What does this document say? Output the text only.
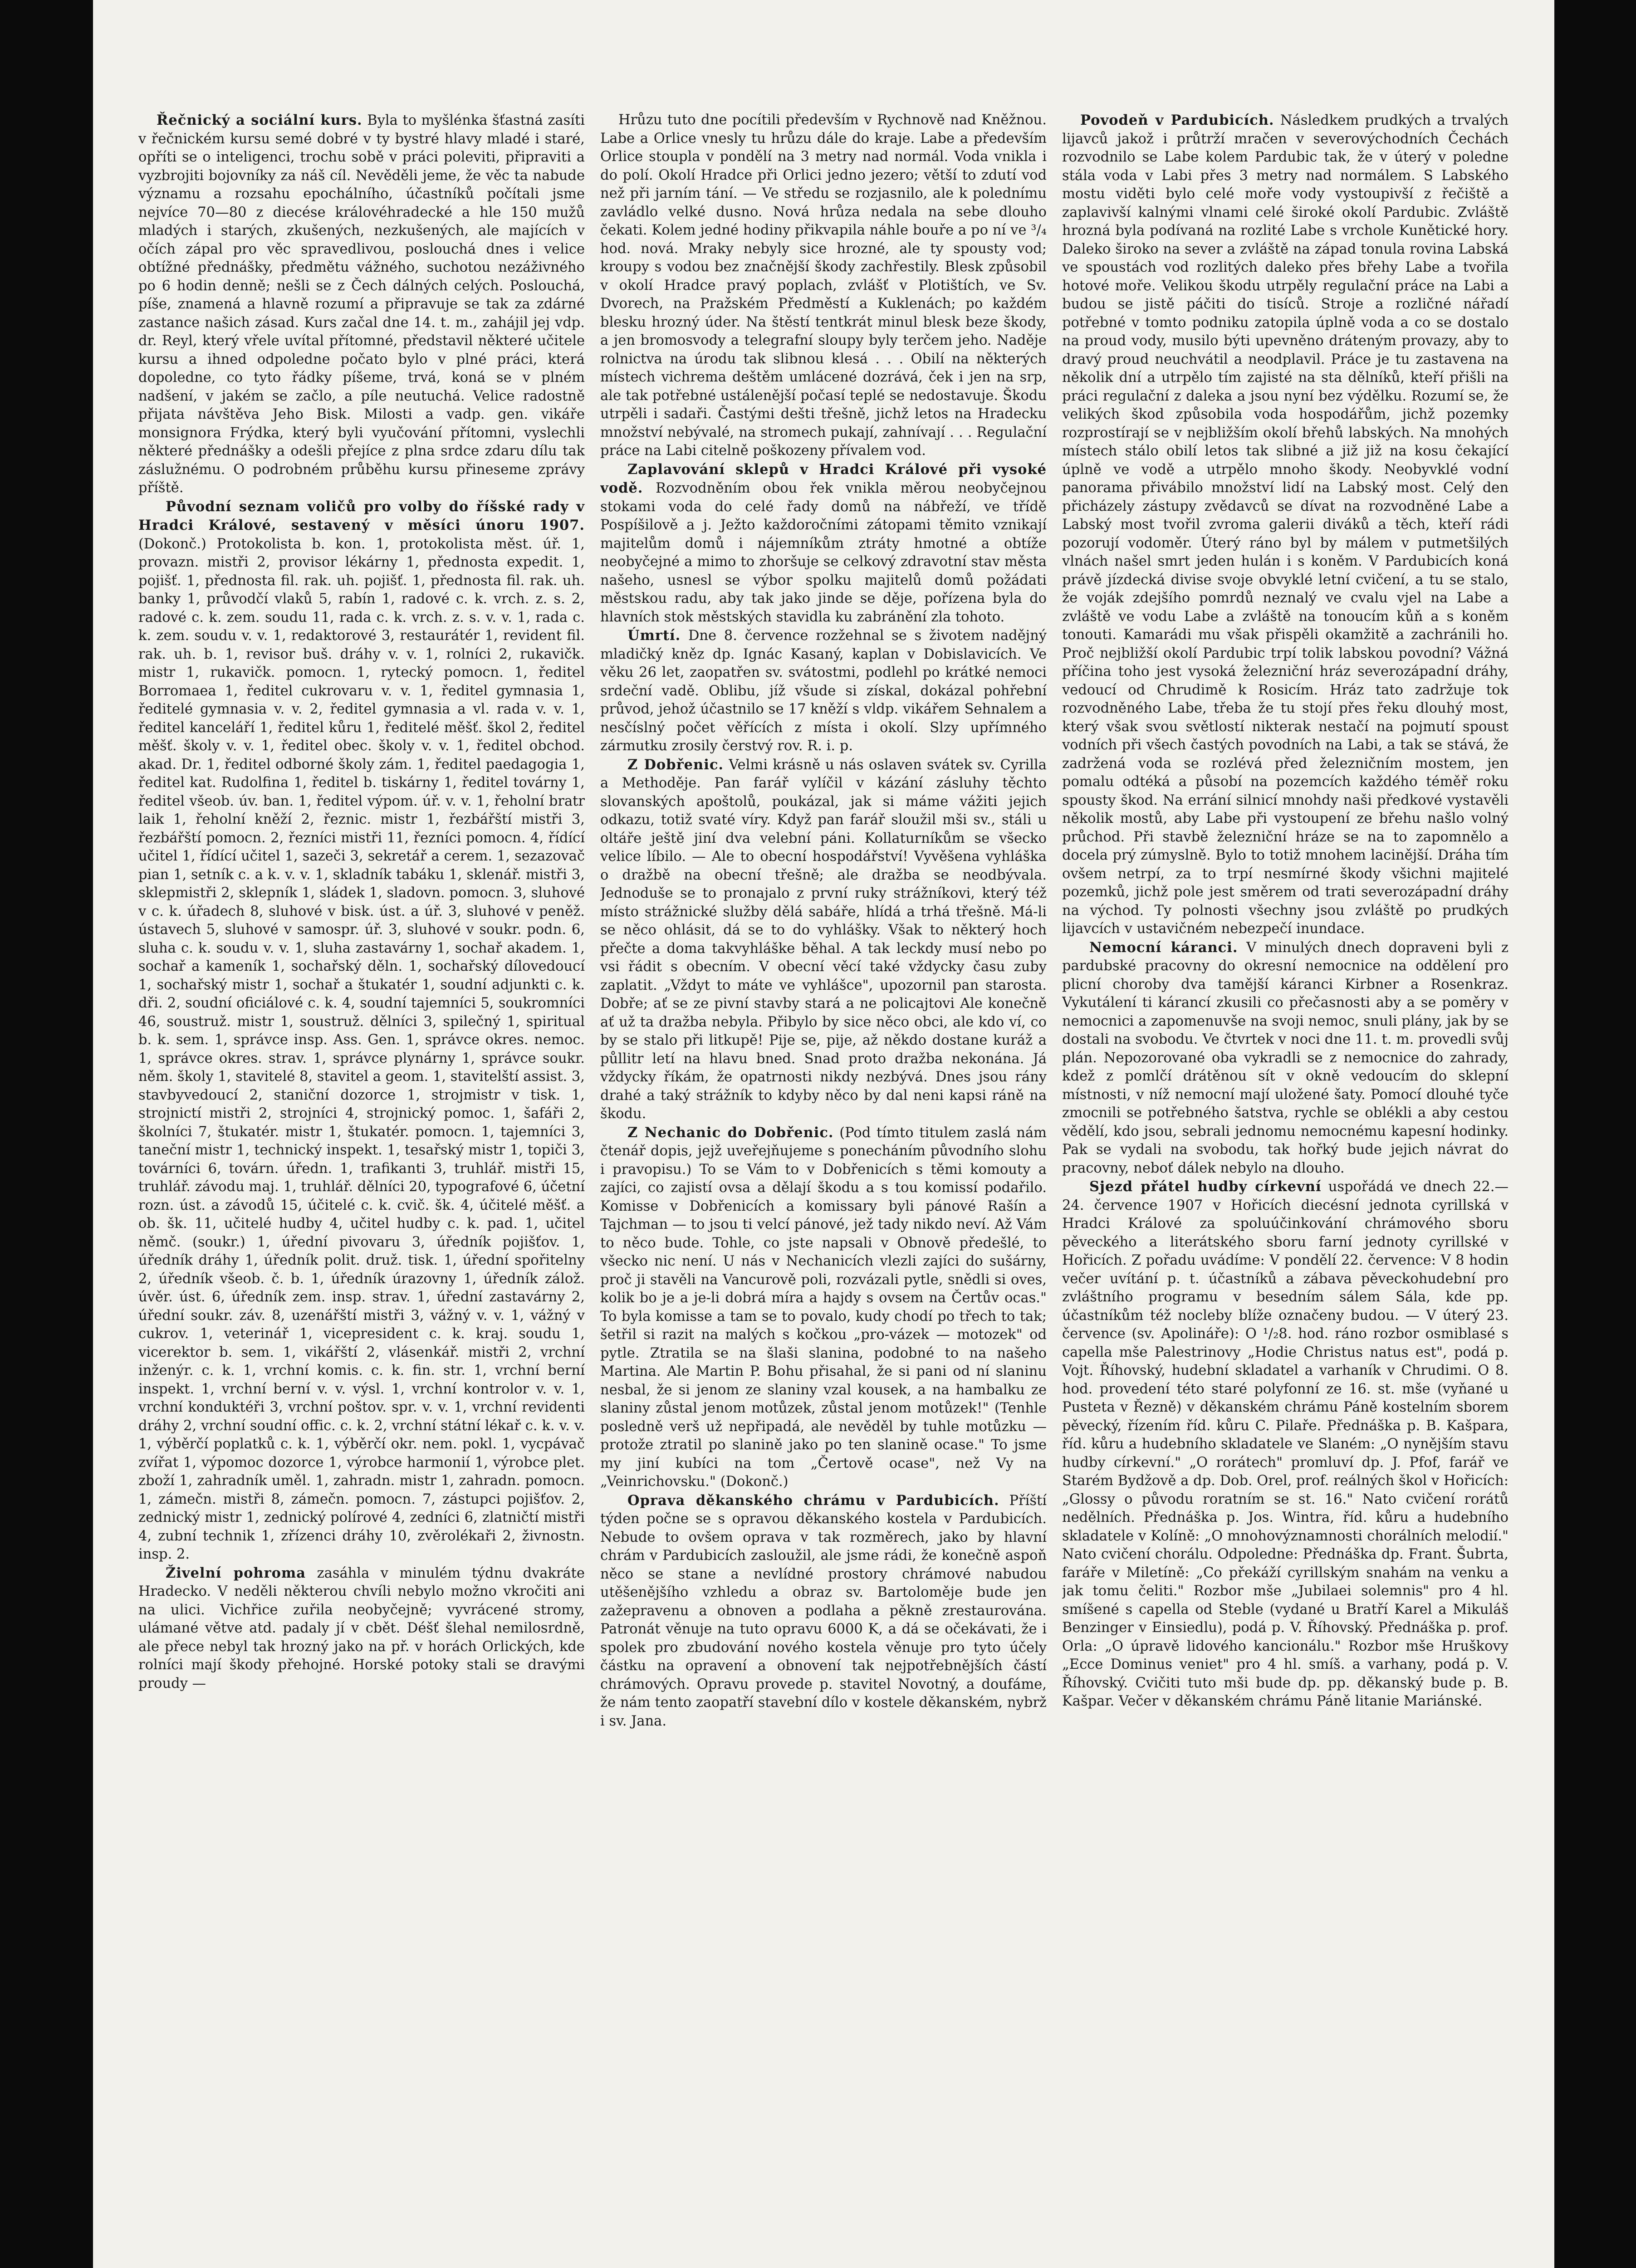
Řečnický a sociální kurs. Byla to myšlénka šťastná zasíti v řečnickém kursu semé dobré v ty bystré hlavy mladé i staré, opříti se o inteligenci, trochu sobě v práci poleviti, připraviti a vyzbrojiti bojovníky za náš cíl. Nevěděli jeme, že věc ta nabude významu a rozsahu epochálního, účastníků počítali jsme nejvíce 70—80 z diecése královéhradecké a hle 150 mužů mladých i starých, zkušených, nezkušených, ale majících v očích zápal pro věc spravedlivou, poslouchá dnes i velice obtížné přednášky, předmětu vážného, suchotou nezáživného po 6 hodin denně; nešli se z Čech dálných celých. Poslouchá, píše, znamená a hlavně rozumí a připravuje se tak za zdárné zastance našich zásad. Kurs začal dne 14. t. m., zahájil jej vdp. dr. Reyl, který vřele uvítal přítomné, představil některé učitele kursu a ihned odpoledne počato bylo v plné práci, která dopoledne, co tyto řádky píšeme, trvá, koná se v plném nadšení, v jakém se začlo, a píle neutuchá. Velice radostně přijata návštěva Jeho Bisk. Milosti a vadp. gen. vikáře monsignora Frýdka, který byli vyučování přítomni, vyslechli některé přednášky a odešli přejíce z plna srdce zdaru dílu tak záslužnému. O podrobném průběhu kursu přineseme zprávy příště.

Původní seznam voličů pro volby do říšské rady v Hradci Králové, sestavený v měsíci únoru 1907. (Dokonč.) Protokolista b. kon. 1, protokolista měst. úř. 1, provazn. mistři 2, provisor lékárny 1, přednosta expedit. 1, pojišť. 1, přednosta fil. rak. uh. pojišť. 1, přednosta fil. rak. uh. banky 1, průvodčí vlaků 5, rabín 1, radové c. k. vrch. z. s. 2, radové c. k. zem. soudu 11, rada c. k. vrch. z. s. v. v. 1, rada c. k. zem. soudu v. v. 1, redaktorové 3, restaurátér 1, revident fil. rak. uh. b. 1, revisor buš. dráhy v. v. 1, rolníci 2, rukavičk. mistr 1, rukavičk. pomocn. 1, rytecký pomocn. 1, ředitel Borromaea 1, ředitel cukrovaru v. v. 1, ředitel gymnasia 1, ředitelé gymnasia v. v. 2, ředitel gymnasia a vl. rada v. v. 1, ředitel kanceláří 1, ředitel kůru 1, ředitelé měšť. škol 2, ředitel měšť. školy v. v. 1, ředitel obec. školy v. v. 1, ředitel obchod. akad. Dr. 1, ředitel odborné školy zám. 1, ředitel paedagogia 1, ředitel kat. Rudolfina 1, ředitel b. tiskárny 1, ředitel továrny 1, ředitel všeob. úv. ban. 1, ředitel výpom. úř. v. v. 1, řeholní bratr laik 1, řeholní kněží 2, řeznic. mistr 1, řezbářští mistři 3, řezbářští pomocn. 2, řezníci mistři 11, řezníci pomocn. 4, řídící učitel 1, řídící učitel 1, sazeči 3, sekretář a cerem. 1, sezazovač pian 1, setník c. a k. v. v. 1, skladník tabáku 1, sklenář. mistři 3, sklepmistři 2, sklepník 1, sládek 1, sladovn. pomocn. 3, sluhové v c. k. úřadech 8, sluhové v bisk. úst. a úř. 3, sluhové v peněž. ústavech 5, sluhové v samospr. úř. 3, sluhové v soukr. podn. 6, sluha c. k. soudu v. v. 1, sluha zastavárny 1, sochař akadem. 1, sochař a kameník 1, sochařský děln. 1, sochařský dílovedoucí 1, sochařský mistr 1, sochař a štukatér 1, soudní adjunkti c. k. dři. 2, soudní oficiálové c. k. 4, soudní tajemníci 5, soukromníci 46, soustruž. mistr 1, soustruž. dělníci 3, spilečný 1, spiritual b. k. sem. 1, správce insp. Ass. Gen. 1, správce okres. nemoc. 1, správce okres. strav. 1, správce plynárny 1, správce soukr. něm. školy 1, stavitelé 8, stavitel a geom. 1, stavitelští assist. 3, stavbyvedoucí 2, staniční dozorce 1, strojmistr v tisk. 1, strojnictí mistři 2, strojníci 4, strojnický pomoc. 1, šafáři 2, školníci 7, štukatér. mistr 1, štukatér. pomocn. 1, tajemníci 3, taneční mistr 1, technický inspekt. 1, tesařský mistr 1, topiči 3, továrníci 6, továrn. úředn. 1, trafikanti 3, truhlář. mistři 15, truhlář. závodu maj. 1, truhlář. dělníci 20, typografové 6, účetní rozn. úst. a závodů 15, účitelé c. k. cvič. šk. 4, účitelé měšť. a ob. šk. 11, učitelé hudby 4, učitel hudby c. k. pad. 1, učitel němč. (soukr.) 1, úřední pivovaru 3, úředník pojišťov. 1, úředník dráhy 1, úředník polit. druž. tisk. 1, úřední spořitelny 2, úředník všeob. č. b. 1, úředník úrazovny 1, úředník zálož. úvěr. úst. 6, úředník zem. insp. strav. 1, úřední zastavárny 2, úřední soukr. záv. 8, uzenářští mistři 3, vážný v. v. 1, vážný v cukrov. 1, veterinář 1, vicepresident c. k. kraj. soudu 1, vicerektor b. sem. 1, vikářští 2, vlásenkář. mistři 2, vrchní inženýr. c. k. 1, vrchní komis. c. k. fin. str. 1, vrchní berní inspekt. 1, vrchní berní v. v. výsl. 1, vrchní kontrolor v. v. 1, vrchní konduktéři 3, vrchní poštov. spr. v. v. 1, vrchní revidenti dráhy 2, vrchní soudní offic. c. k. 2, vrchní státní lékař c. k. v. v. 1, výběrčí poplatků c. k. 1, výběrčí okr. nem. pokl. 1, vycpávač zvířat 1, výpomoc dozorce 1, výrobce harmonií 1, výrobce plet. zboží 1, zahradník uměl. 1, zahradn. mistr 1, zahradn. pomocn. 1, zámečn. mistři 8, zámečn. pomocn. 7, zástupci pojišťov. 2, zednický mistr 1, zednický polírové 4, zedníci 6, zlatničtí mistři 4, zubní technik 1, zřízenci dráhy 10, zvěrolékaři 2, živnostn. insp. 2.

Živelní pohroma zasáhla v minulém týdnu dvakráte Hradecko. V neděli některou chvíli nebylo možno vkročiti ani na ulici. Vichřice zuřila neobyčejně; vyvrácené stromy, ulámané větve atd. padaly jí v cbět. Déšť šlehal nemilosrdně, ale přece nebyl tak hrozný jako na př. v horách Orlických, kde rolníci mají škody přehojné. Horské potoky stali se dravými proudy —

Hrůzu tuto dne pocítili především v Rychnově nad Kněžnou. Labe a Orlice vnesly tu hrůzu dále do kraje. Labe a především Orlice stoupla v pondělí na 3 metry nad normál. Voda vnikla i do polí. Okolí Hradce při Orlici jedno jezero; větší to zdutí vod než při jarním tání. — Ve středu se rozjasnilo, ale k polednímu zavládlo velké dusno. Nová hrůza nedala na sebe dlouho čekati. Kolem jedné hodiny přikvapila náhle bouře a po ní ve ³/₄ hod. nová. Mraky nebyly sice hrozné, ale ty spousty vod; kroupy s vodou bez značnější škody zachřestily. Blesk způsobil v okolí Hradce pravý poplach, zvlášť v Plotištích, ve Sv. Dvorech, na Pražském Předměstí a Kuklenách; po každém blesku hrozný úder. Na štěstí tentkrát minul blesk beze škody, a jen bromosvody a telegrafní sloupy byly terčem jeho. Naděje rolnictva na úrodu tak slibnou klesá . . . Obilí na některých místech vichrema deštěm umlácené dozrává, ček i jen na srp, ale tak potřebné ustálenější počasí teplé se nedostavuje. Škodu utrpěli i sadaři. Častými dešti třešně, jichž letos na Hradecku množství nebývalé, na stromech pukají, zahnívají . . . Regulační práce na Labi citelně poškozeny přívalem vod.

Zaplavování sklepů v Hradci Králové při vysoké vodě. Rozvodněním obou řek vnikla měrou neobyčejnou stokami voda do celé řady domů na nábřeží, ve třídě Pospíšilově a j. Ježto každoročními zátopami těmito vznikají majitelům domů i nájemníkům ztráty hmotné a obtíže neobyčejné a mimo to zhoršuje se celkový zdravotní stav města našeho, usnesl se výbor spolku majitelů domů požádati městskou radu, aby tak jako jinde se děje, pořízena byla do hlavních stok městských stavidla ku zabránění zla tohoto.

Úmrtí. Dne 8. července rozžehnal se s životem nadějný mladičký kněz dp. Ignác Kasaný, kaplan v Dobislavicích. Ve věku 26 let, zaopatřen sv. svátostmi, podlehl po krátké nemoci srdeční vadě. Oblibu, jíž všude si získal, dokázal pohřební průvod, jehož účastnilo se 17 kněží s vldp. vikářem Sehnalem a nesčíslný počet věřících z místa i okolí. Slzy upřímného zármutku zrosily čerstvý rov. R. i. p.

Z Dobřenic. Velmi krásně u nás oslaven svátek sv. Cyrilla a Methoděje. Pan farář vylíčil v kázání zásluhy těchto slovanských apoštolů, poukázal, jak si máme vážiti jejich odkazu, totiž svaté víry. Když pan farář sloužil mši sv., stáli u oltáře ještě jiní dva velební páni. Kollaturníkům se všecko velice líbilo. — Ale to obecní hospodářství! Vyvěšena vyhláška o dražbě na obecní třešně; ale dražba se neodbývala. Jednoduše se to pronajalo z první ruky strážníkovi, který též místo strážnické služby dělá sabáře, hlídá a trhá třešně. Má-li se něco ohlásit, dá se to do vyhlášky. Však to některý hoch přečte a doma takvyhláške běhal. A tak leckdy musí nebo po vsi řádit s obecním. V obecní věcí také vždycky času zuby zaplatit. „Vždyt to máte ve vyhlášce", upozornil pan starosta. Dobře; ať se ze pivní stavby stará a ne policajtovi Ale konečně ať už ta dražba nebyla. Přibylo by sice něco obci, ale kdo ví, co by se stalo při litkupě! Pije se, pije, až někdo dostane kuráž a půllitr letí na hlavu bned. Snad proto dražba nekonána. Já vždycky říkám, že opatrnosti nikdy nezbývá. Dnes jsou rány drahé a taký strážník to kdyby něco by dal neni kapsi ráně na škodu.

Z Nechanic do Dobřenic. (Pod tímto titulem zaslá nám čtenář dopis, jejž uveřejňujeme s ponecháním původního slohu i pravopisu.) To se Vám to v Dobřenicích s těmi komouty a zajíci, co zajistí ovsa a dělají škodu a s tou komissí podařilo. Komisse v Dobřenicích a komissary byli pánové Rašín a Tajchman — to jsou ti velcí pánové, jež tady nikdo neví. Až Vám to něco bude. Tohle, co jste napsali v Obnově předešlé, to všecko nic není. U nás v Nechanicích vlezli zajíci do sušárny, proč ji stavěli na Vancurově poli, rozvázali pytle, snědli si oves, kolik bo je a je-li dobrá míra a hajdy s ovsem na Čertův ocas." To byla komisse a tam se to povalo, kudy chodí po třech to tak; šetřil si razit na malých s kočkou „pro-vázek — motozek" od pytle. Ztratila se na šlaši slanina, podobné to na našeho Martina. Ale Martin P. Bohu přisahal, že si pani od ní slaninu nesbal, že si jenom ze slaniny vzal kousek, a na hambalku ze slaniny zůstal jenom motůzek, zůstal jenom motůzek!" (Tenhle posledně verš už nepřipadá, ale nevěděl by tuhle motůzku — protože ztratil po slanině jako po ten slanině ocase." To jsme my jiní kubíci na tom „Čertově ocase", než Vy na „Veinrichovsku." (Dokonč.)

Oprava děkanského chrámu v Pardubicích. Příští týden počne se s opravou děkanského kostela v Pardubicích. Nebude to ovšem oprava v tak rozměrech, jako by hlavní chrám v Pardubicích zasloužil, ale jsme rádi, že konečně aspoň něco se stane a nevlídné prostory chrámové nabudou utěšenějšího vzhledu a obraz sv. Bartoloměje bude jen zažepravenu a obnoven a podlaha a pěkně zrestaurována. Patronát věnuje na tuto opravu 6000 K, a dá se očekávati, že i spolek pro zbudování nového kostela věnuje pro tyto účely částku na opravení a obnovení tak nejpotřebnějších částí chrámových. Opravu provede p. stavitel Novotný, a doufáme, že nám tento zaopatří stavební dílo v kostele děkanském, nybrž i sv. Jana.

Povodeň v Pardubicích. Následkem prudkých a trvalých lijavců jakož i průtrží mračen v severovýchodních Čechách rozvodnilo se Labe kolem Pardubic tak, že v úterý v poledne stála voda v Labi přes 3 metry nad normálem. S Labského mostu viděti bylo celé moře vody vystoupivší z řečiště a zaplavivší kalnými vlnami celé široké okolí Pardubic. Zvláště hrozná byla podívaná na rozlité Labe s vrchole Kunětické hory. Daleko široko na sever a zvláště na západ tonula rovina Labská ve spoustách vod rozlitých daleko přes břehy Labe a tvořila hotové moře. Velikou škodu utrpěly regulační práce na Labi a budou se jistě páčiti do tisíců. Stroje a rozličné nářadí potřebné v tomto podniku zatopila úplně voda a co se dostalo na proud vody, musilo býti upevněno dráteným provazy, aby to dravý proud neuchvátil a neodplavil. Práce je tu zastavena na několik dní a utrpělo tím zajisté na sta dělníků, kteří přišli na práci regulační z daleka a jsou nyní bez výdělku. Rozumí se, že velikých škod způsobila voda hospodářům, jichž pozemky rozprostírají se v nejbližším okolí břehů labských. Na mnohých místech stálo obilí letos tak slibné a již již na kosu čekající úplně ve vodě a utrpělo mnoho škody. Neobyvklé vodní panorama přivábilo množství lidí na Labský most. Celý den přicházely zástupy zvědavců se dívat na rozvodněné Labe a Labský most tvořil zvroma galerii diváků a těch, kteří rádi pozorují vodoměr. Úterý ráno byl by málem v putmetšilých vlnách našel smrt jeden hulán i s koněm. V Pardubicích koná právě jízdecká divise svoje obvyklé letní cvičení, a tu se stalo, že voják zdejšího pomrdů neznalý ve cvalu vjel na Labe a zvláště ve vodu Labe a zvláště na tonoucím kůň a s koněm tonouti. Kamarádi mu však přispěli okamžitě a zachránili ho. Proč nejbližší okolí Pardubic trpí tolik labskou povodní? Vážná příčina toho jest vysoká železniční hráz severozápadní dráhy, vedoucí od Chrudimě k Rosicím. Hráz tato zadržuje tok rozvodněného Labe, třeba že tu stojí přes řeku dlouhý most, který však svou světlostí nikterak nestačí na pojmutí spoust vodních při všech častých povodních na Labi, a tak se stává, že zadržená voda se rozlévá před železničním mostem, jen pomalu odtéká a působí na pozemcích každého téměř roku spousty škod. Na errání silnicí mnohdy naši předkové vystavěli několik mostů, aby Labe při vystoupení ze břehu našlo volný průchod. Při stavbě železniční hráze se na to zapomnělo a docela prý zúmyslně. Bylo to totiž mnohem lacinější. Dráha tím ovšem netrpí, za to trpí nesmírné škody všichni majitelé pozemků, jichž pole jest směrem od trati severozápadní dráhy na východ. Ty polnosti všechny jsou zvláště po prudkých lijavcích v ustavičném nebezpečí inundace.

Nemocní káranci. V minulých dnech dopraveni byli z pardubské pracovny do okresní nemocnice na oddělení pro plicní choroby dva tamější káranci Kirbner a Rosenkraz. Vykutálení ti kárancí zkusili co přečasnosti aby a se poměry v nemocnici a zapomenuvše na svoji nemoc, snuli plány, jak by se dostali na svobodu. Ve čtvrtek v noci dne 11. t. m. provedli svůj plán. Nepozorované oba vykradli se z nemocnice do zahrady, kdež z pomlčí drátěnou sít v okně vedoucím do sklepní místnosti, v níž nemocní mají uložené šaty. Pomocí dlouhé tyče zmocnili se potřebného šatstva, rychle se oblékli a aby cestou vědělí, kdo jsou, sebrali jednomu nemocnému kapesní hodinky. Pak se vydali na svobodu, tak hořký bude jejich návrat do pracovny, neboť dálek nebylo na dlouho.

Sjezd přátel hudby církevní uspořádá ve dnech 22.—24. července 1907 v Hořicích diecésní jednota cyrillská v Hradci Králové za spoluúčinkování chrámového sboru pěveckého a literátského sboru farní jednoty cyrillské v Hořicích. Z pořadu uvádíme: V pondělí 22. července: V 8 hodin večer uvítání p. t. účastníků a zábava pěveckohudební pro zvláštního programu v besedním sálem Sála, kde pp. účastníkům též nocleby blíže označeny budou. — V úterý 23. července (sv. Apolináře): O ¹/₂8. hod. ráno rozbor osmiblasé s capella mše Palestrinovy „Hodie Christus natus est", podá p. Vojt. Říhovský, hudební skladatel a varhaník v Chrudimi. O 8. hod. provedení této staré polyfonní ze 16. st. mše (vyňané u Pusteta v Řezně) v děkanském chrámu Páně kostelním sborem pěvecký, řízením říd. kůru C. Pilaře. Přednáška p. B. Kašpara, říd. kůru a hudebního skladatele ve Slaném: „O nynějším stavu hudby církevní." „O rorátech" promluví dp. J. Pfof, farář ve Starém Bydžově a dp. Dob. Orel, prof. reálných škol v Hořicích: „Glossy o původu roratním se st. 16." Nato cvičení rorátů nedělních. Přednáška p. Jos. Wintra, říd. kůru a hudebního skladatele v Kolíně: „O mnohovýznamnosti chorálních melodií." Nato cvičení chorálu. Odpoledne: Přednáška dp. Frant. Šubrta, faráře v Miletíně: „Co překáží cyrillským snahám na venku a jak tomu čeliti." Rozbor mše „Jubilaei solemnis" pro 4 hl. smíšené s capella od Steble (vydané u Bratří Karel a Mikuláš Benzinger v Einsiedlu), podá p. V. Říhovský. Přednáška p. prof. Orla: „O úpravě lidového kancionálu." Rozbor mše Hruškovy „Ecce Dominus veniet" pro 4 hl. smíš. a varhany, podá p. V. Říhovský. Cvičiti tuto mši bude dp. pp. děkanský bude p. B. Kašpar. Večer v děkanském chrámu Páně litanie Mariánské.
